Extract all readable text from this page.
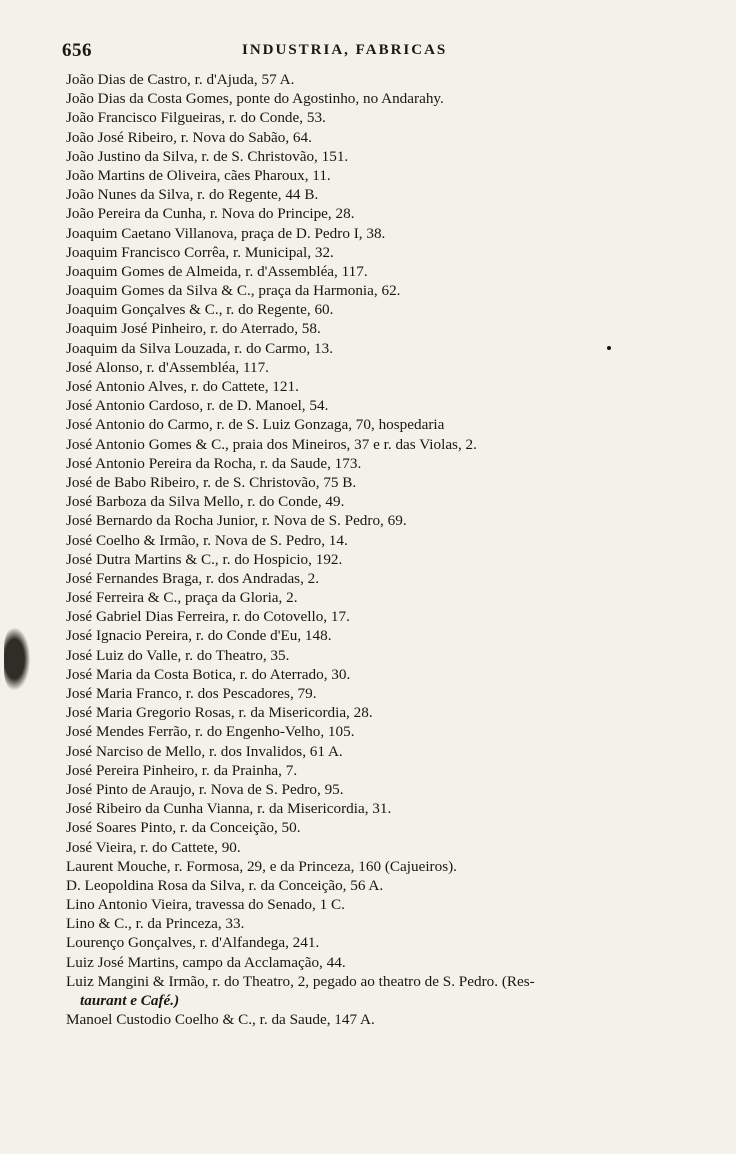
656	INDUSTRIA, FABRICAS
João Dias de Castro, r. d'Ajuda, 57 A.
João Dias da Costa Gomes, ponte do Agostinho, no Andarahy.
João Francisco Filgueiras, r. do Conde, 53.
João José Ribeiro, r. Nova do Sabão, 64.
João Justino da Silva, r. de S. Christovão, 151.
João Martins de Oliveira, cães Pharoux, 11.
João Nunes da Silva, r. do Regente, 44 B.
João Pereira da Cunha, r. Nova do Principe, 28.
Joaquim Caetano Villanova, praça de D. Pedro I, 38.
Joaquim Francisco Corrêa, r. Municipal, 32.
Joaquim Gomes de Almeida, r. d'Assembléa, 117.
Joaquim Gomes da Silva & C., praça da Harmonia, 62.
Joaquim Gonçalves & C., r. do Regente, 60.
Joaquim José Pinheiro, r. do Aterrado, 58.
Joaquim da Silva Louzada, r. do Carmo, 13.
José Alonso, r. d'Assembléa, 117.
José Antonio Alves, r. do Cattete, 121.
José Antonio Cardoso, r. de D. Manoel, 54.
José Antonio do Carmo, r. de S. Luiz Gonzaga, 70, hospedaria
José Antonio Gomes & C., praia dos Mineiros, 37 e r. das Violas, 2.
José Antonio Pereira da Rocha, r. da Saude, 173.
José de Babo Ribeiro, r. de S. Christovão, 75 B.
José Barboza da Silva Mello, r. do Conde, 49.
José Bernardo da Rocha Junior, r. Nova de S. Pedro, 69.
José Coelho & Irmão, r. Nova de S. Pedro, 14.
José Dutra Martins & C., r. do Hospicio, 192.
José Fernandes Braga, r. dos Andradas, 2.
José Ferreira & C., praça da Gloria, 2.
José Gabriel Dias Ferreira, r. do Cotovello, 17.
José Ignacio Pereira, r. do Conde d'Eu, 148.
José Luiz do Valle, r. do Theatro, 35.
José Maria da Costa Botica, r. do Aterrado, 30.
José Maria Franco, r. dos Pescadores, 79.
José Maria Gregorio Rosas, r. da Misericordia, 28.
José Mendes Ferrão, r. do Engenho-Velho, 105.
José Narciso de Mello, r. dos Invalidos, 61 A.
José Pereira Pinheiro, r. da Prainha, 7.
José Pinto de Araujo, r. Nova de S. Pedro, 95.
José Ribeiro da Cunha Vianna, r. da Misericordia, 31.
José Soares Pinto, r. da Conceição, 50.
José Vieira, r. do Cattete, 90.
Laurent Mouche, r. Formosa, 29, e da Princeza, 160 (Cajueiros).
D. Leopoldina Rosa da Silva, r. da Conceição, 56 A.
Lino Antonio Vieira, travessa do Senado, 1 C.
Lino & C., r. da Princeza, 33.
Lourenço Gonçalves, r. d'Alfandega, 241.
Luiz José Martins, campo da Acclamação, 44.
Luiz Mangini & Irmão, r. do Theatro, 2, pegado ao theatro de S. Pedro. (Res-
taurant e Café.)
Manoel Custodio Coelho & C., r. da Saude, 147 A.
